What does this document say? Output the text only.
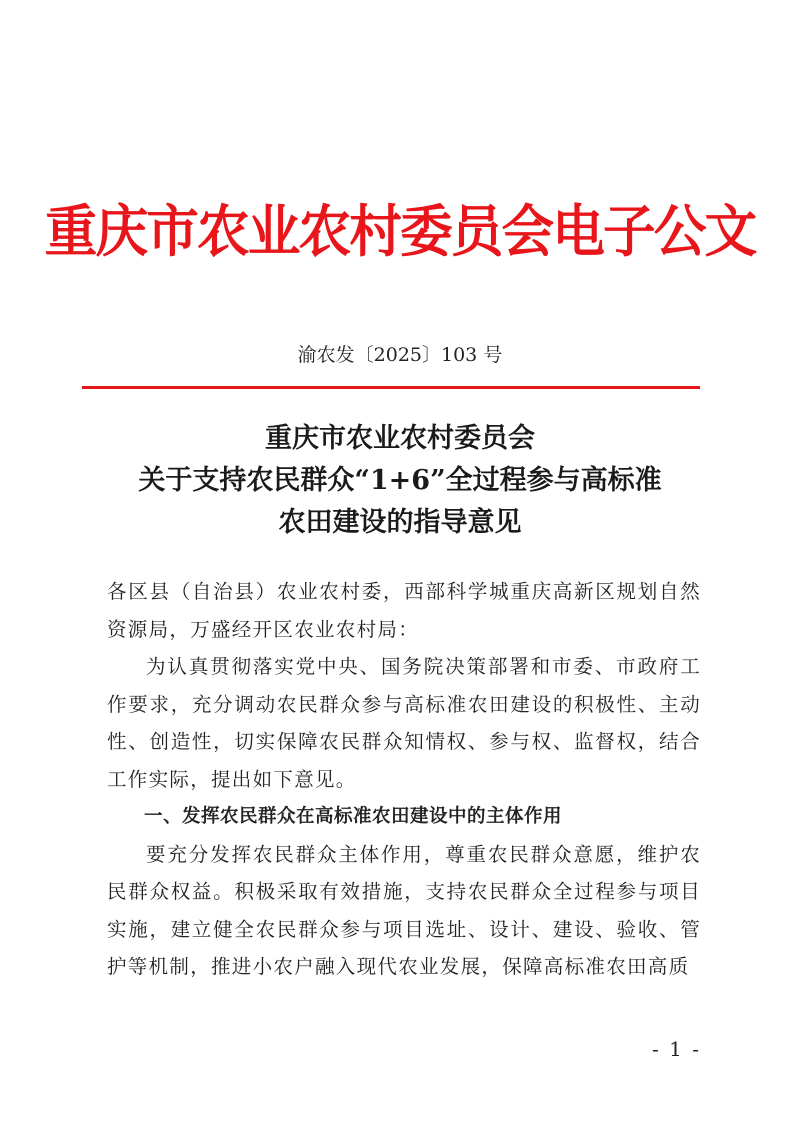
重庆市农业农村委员会电子公文
渝农发〔2025〕103 号
重庆市农业农村委员会
关于支持农民群众“1+6”全过程参与高标准
农田建设的指导意见

各区县（自治县）农业农村委，西部科学城重庆高新区规划自然资源局，万盛经开区农业农村局：

为认真贯彻落实党中央、国务院决策部署和市委、市政府工作要求，充分调动农民群众参与高标准农田建设的积极性、主动性、创造性，切实保障农民群众知情权、参与权、监督权，结合工作实际，提出如下意见。

一、发挥农民群众在高标准农田建设中的主体作用

要充分发挥农民群众主体作用，尊重农民群众意愿，维护农民群众权益。积极采取有效措施，支持农民群众全过程参与项目实施，建立健全农民群众参与项目选址、设计、建设、验收、管护等机制，推进小农户融入现代农业发展，保障高标准农田高质

- 1 -
